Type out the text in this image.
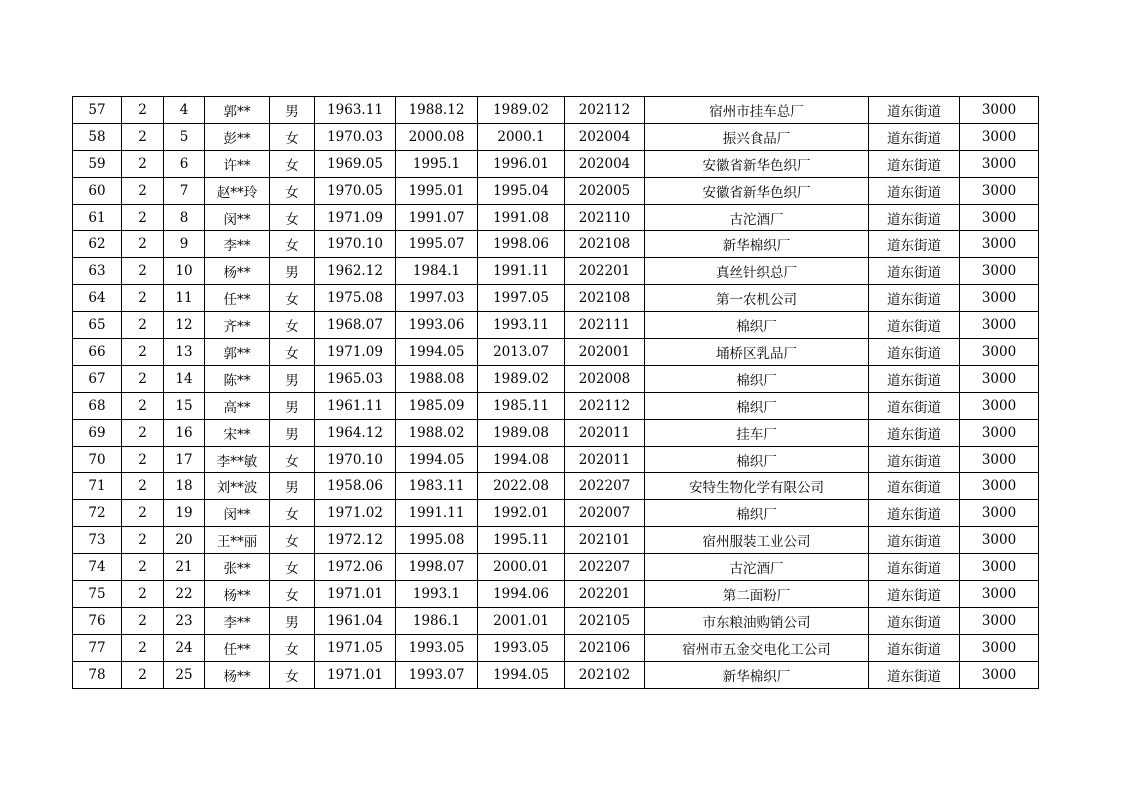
57	2	4	郭**	男	1963.11	1988.12	1989.02	202112	宿州市挂车总厂	道东街道	3000
58	2	5	彭**	女	1970.03	2000.08	2000.1	202004	振兴食品厂	道东街道	3000
59	2	6	许**	女	1969.05	1995.1	1996.01	202004	安徽省新华色织厂	道东街道	3000
60	2	7	赵**玲	女	1970.05	1995.01	1995.04	202005	安徽省新华色织厂	道东街道	3000
61	2	8	闵**	女	1971.09	1991.07	1991.08	202110	古沱酒厂	道东街道	3000
62	2	9	李**	女	1970.10	1995.07	1998.06	202108	新华棉织厂	道东街道	3000
63	2	10	杨**	男	1962.12	1984.1	1991.11	202201	真丝针织总厂	道东街道	3000
64	2	11	任**	女	1975.08	1997.03	1997.05	202108	第一农机公司	道东街道	3000
65	2	12	齐**	女	1968.07	1993.06	1993.11	202111	棉织厂	道东街道	3000
66	2	13	郭**	女	1971.09	1994.05	2013.07	202001	埇桥区乳品厂	道东街道	3000
67	2	14	陈**	男	1965.03	1988.08	1989.02	202008	棉织厂	道东街道	3000
68	2	15	高**	男	1961.11	1985.09	1985.11	202112	棉织厂	道东街道	3000
69	2	16	宋**	男	1964.12	1988.02	1989.08	202011	挂车厂	道东街道	3000
70	2	17	李**敏	女	1970.10	1994.05	1994.08	202011	棉织厂	道东街道	3000
71	2	18	刘**波	男	1958.06	1983.11	2022.08	202207	安特生物化学有限公司	道东街道	3000
72	2	19	闵**	女	1971.02	1991.11	1992.01	202007	棉织厂	道东街道	3000
73	2	20	王**丽	女	1972.12	1995.08	1995.11	202101	宿州服装工业公司	道东街道	3000
74	2	21	张**	女	1972.06	1998.07	2000.01	202207	古沱酒厂	道东街道	3000
75	2	22	杨**	女	1971.01	1993.1	1994.06	202201	第二面粉厂	道东街道	3000
76	2	23	李**	男	1961.04	1986.1	2001.01	202105	市东粮油购销公司	道东街道	3000
77	2	24	任**	女	1971.05	1993.05	1993.05	202106	宿州市五金交电化工公司	道东街道	3000
78	2	25	杨**	女	1971.01	1993.07	1994.05	202102	新华棉织厂	道东街道	3000
